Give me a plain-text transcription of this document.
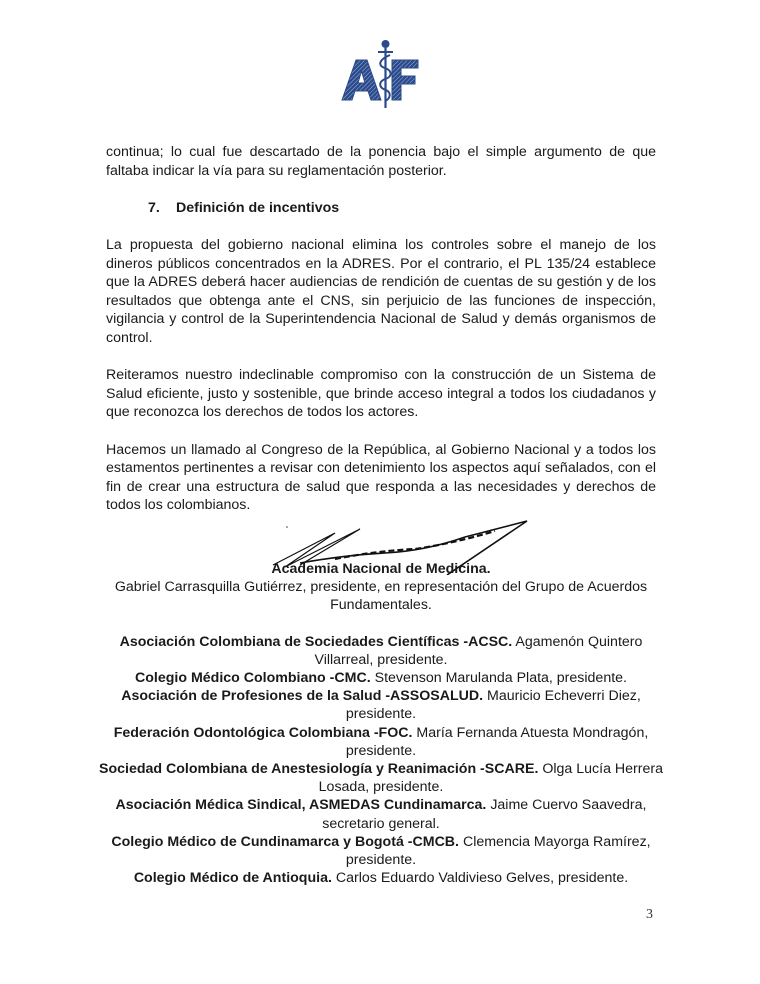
continua; lo cual fue descartado de la ponencia bajo el simple argumento de que faltaba indicar la vía para su reglamentación posterior.

7. Definición de incentivos

La propuesta del gobierno nacional elimina los controles sobre el manejo de los dineros públicos concentrados en la ADRES. Por el contrario, el PL 135/24 establece que la ADRES deberá hacer audiencias de rendición de cuentas de su gestión y de los resultados que obtenga ante el CNS, sin perjuicio de las funciones de inspección, vigilancia y control de la Superintendencia Nacional de Salud y demás organismos de control.

Reiteramos nuestro indeclinable compromiso con la construcción de un Sistema de Salud eficiente, justo y sostenible, que brinde acceso integral a todos los ciudadanos y que reconozca los derechos de todos los actores.

Hacemos un llamado al Congreso de la República, al Gobierno Nacional y a todos los estamentos pertinentes a revisar con detenimiento los aspectos aquí señalados, con el fin de crear una estructura de salud que responda a las necesidades y derechos de todos los colombianos.

Academia Nacional de Medicina.
Gabriel Carrasquilla Gutiérrez, presidente, en representación del Grupo de Acuerdos Fundamentales.

Asociación Colombiana de Sociedades Científicas -ACSC. Agamenón Quintero Villarreal, presidente.

Colegio Médico Colombiano -CMC. Stevenson Marulanda Plata, presidente.

Asociación de Profesiones de la Salud -ASSOSALUD. Mauricio Echeverri Diez, presidente.

Federación Odontológica Colombiana -FOC. María Fernanda Atuesta Mondragón, presidente.

Sociedad Colombiana de Anestesiología y Reanimación -SCARE. Olga Lucía Herrera Losada, presidente.

Asociación Médica Sindical, ASMEDAS Cundinamarca. Jaime Cuervo Saavedra, secretario general.

Colegio Médico de Cundinamarca y Bogotá -CMCB. Clemencia Mayorga Ramírez, presidente.

Colegio Médico de Antioquia. Carlos Eduardo Valdivieso Gelves, presidente.

3
